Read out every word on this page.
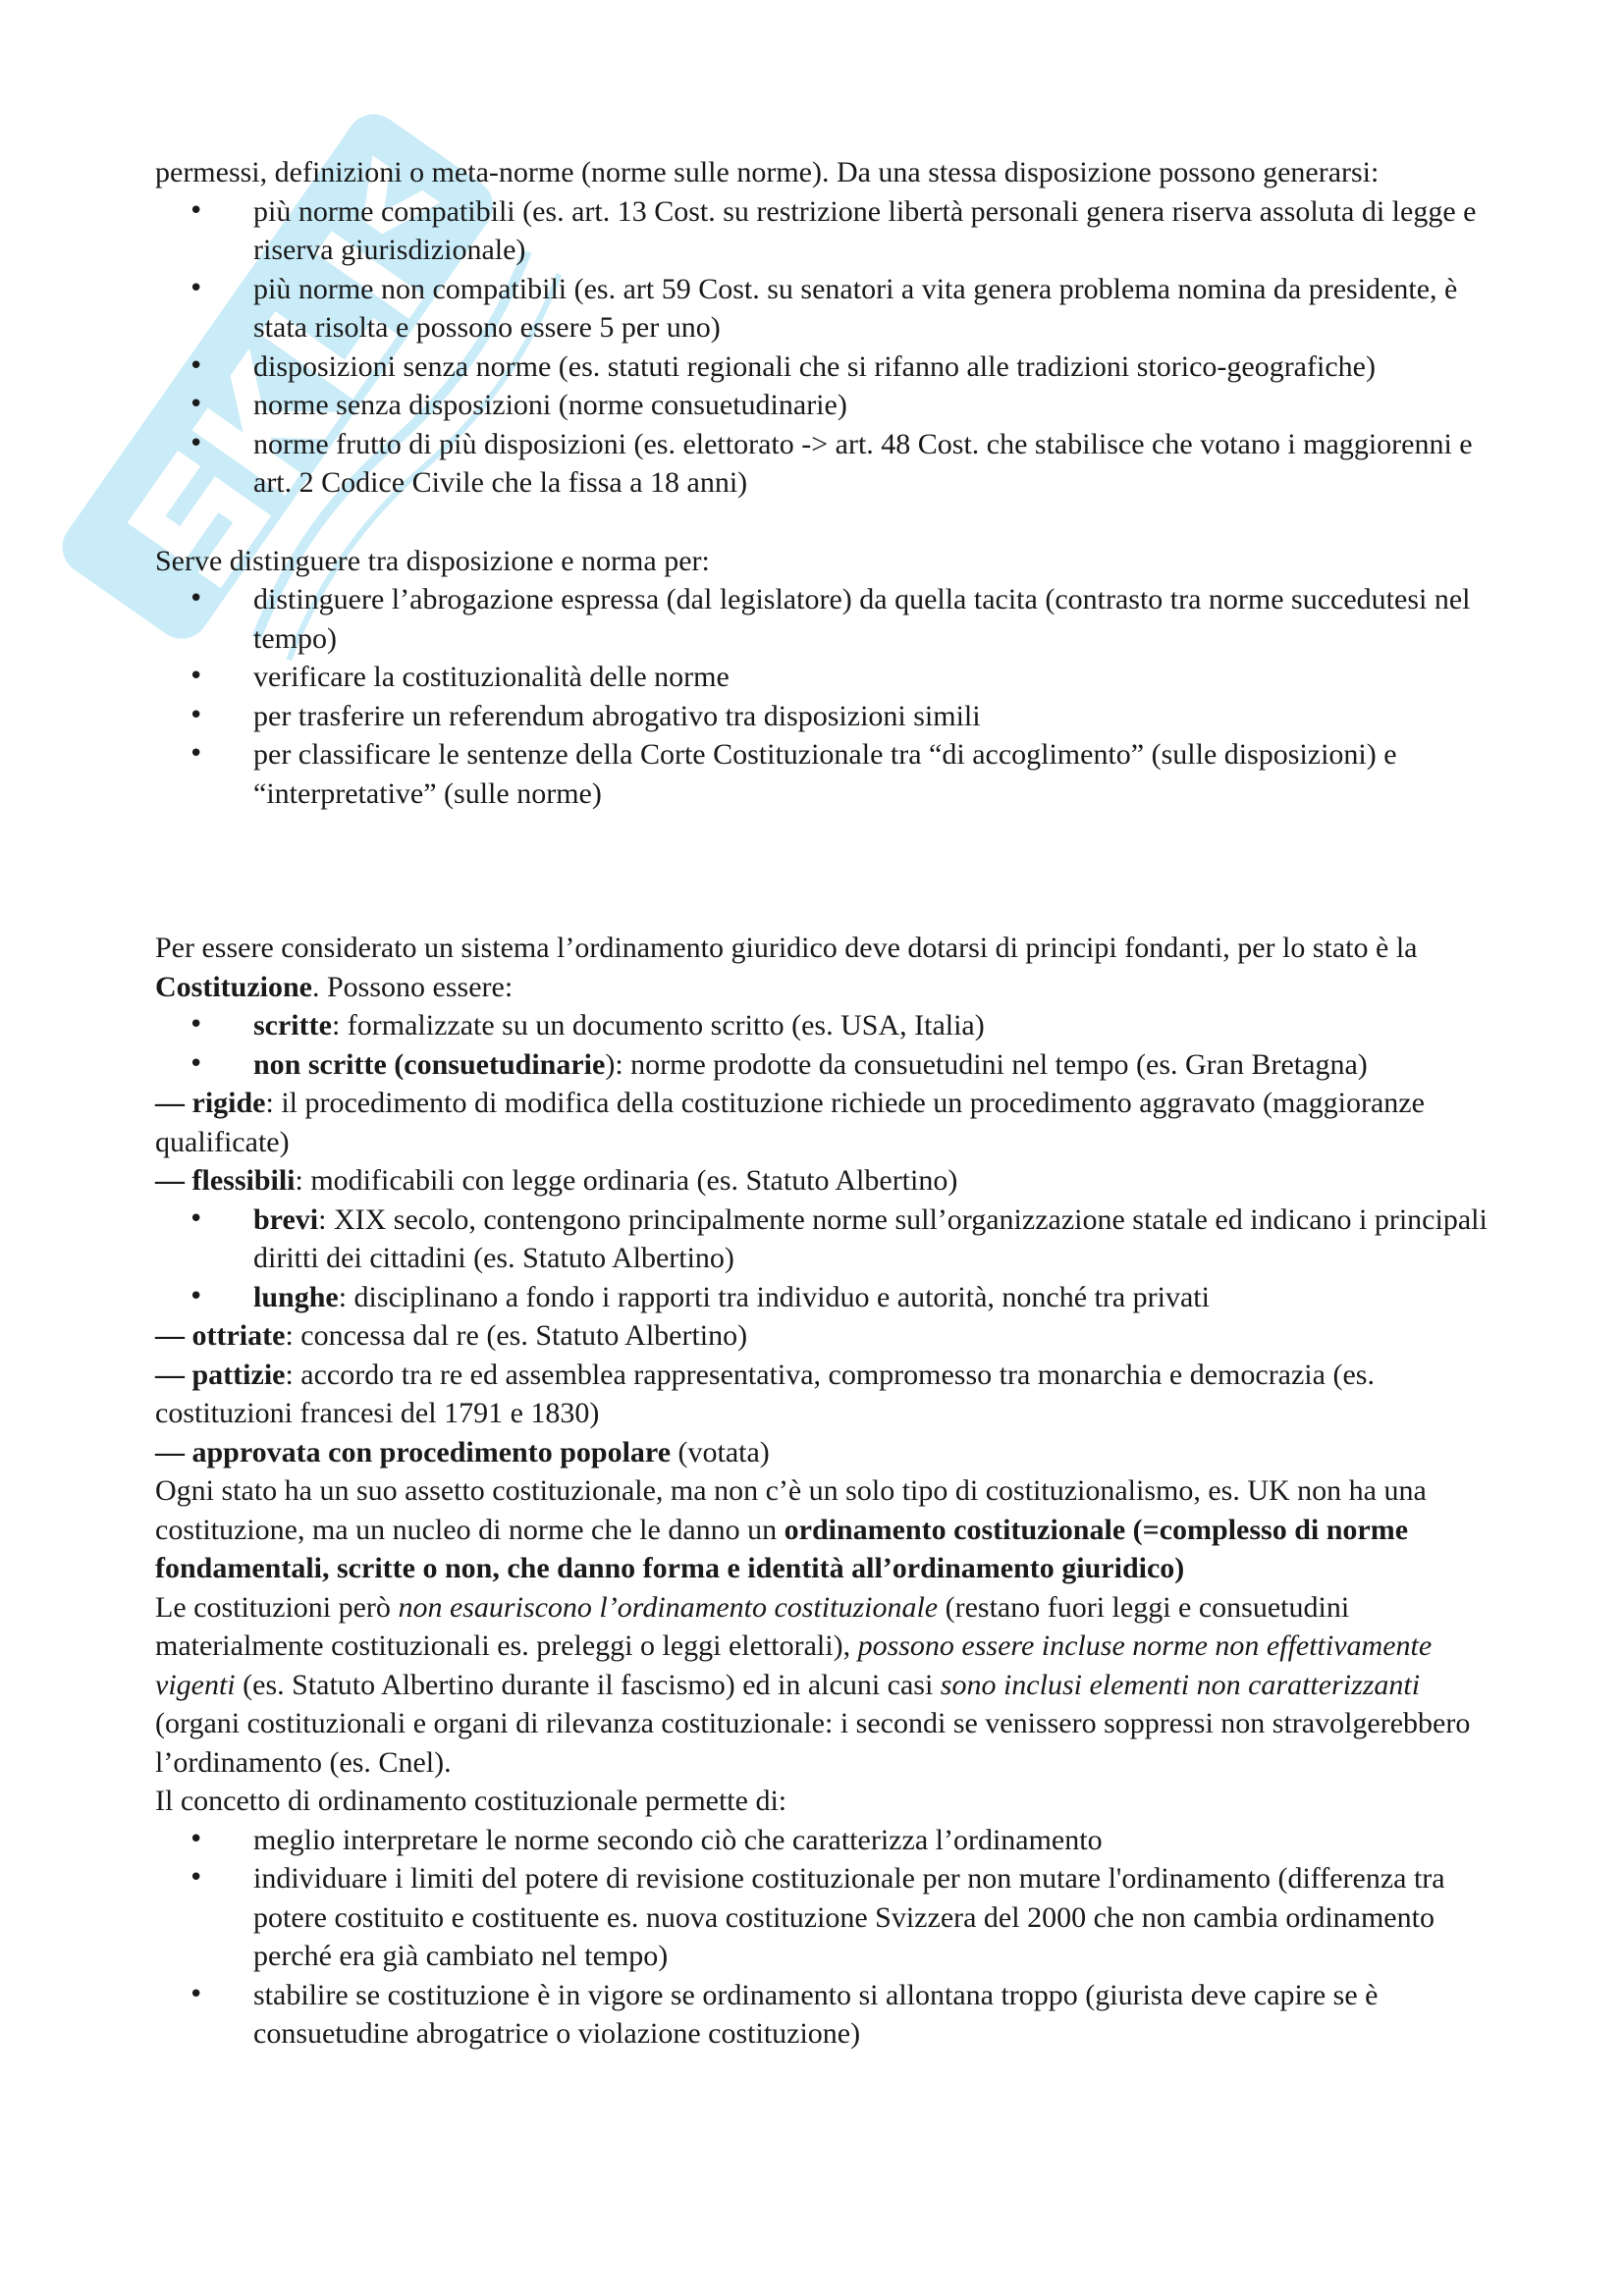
permessi, definizioni o meta-norme (norme sulle norme). Da una stessa disposizione possono generarsi:

• più norme compatibili (es. art. 13 Cost. su restrizione libertà personali genera riserva assoluta di legge e riserva giurisdizionale)
• più norme non compatibili (es. art 59 Cost. su senatori a vita genera problema nomina da presidente, è stata risolta e possono essere 5 per uno)
• disposizioni senza norme (es. statuti regionali che si rifanno alle tradizioni storico-geografiche)
• norme senza disposizioni (norme consuetudinarie)
• norme frutto di più disposizioni (es. elettorato -> art. 48 Cost. che stabilisce che votano i maggiorenni e art. 2 Codice Civile che la fissa a 18 anni)

Serve distinguere tra disposizione e norma per:

• distinguere l’abrogazione espressa (dal legislatore) da quella tacita (contrasto tra norme succedutesi nel tempo)
• verificare la costituzionalità delle norme
• per trasferire un referendum abrogativo tra disposizioni simili
• per classificare le sentenze della Corte Costituzionale tra “di accoglimento” (sulle disposizioni) e “interpretative” (sulle norme)

Per essere considerato un sistema l’ordinamento giuridico deve dotarsi di principi fondanti, per lo stato è la Costituzione. Possono essere:

• scritte: formalizzate su un documento scritto (es. USA, Italia)
• non scritte (consuetudinarie): norme prodotte da consuetudini nel tempo (es. Gran Bretagna)

— rigide: il procedimento di modifica della costituzione richiede un procedimento aggravato (maggioranze qualificate)

— flessibili: modificabili con legge ordinaria (es. Statuto Albertino)

• brevi: XIX secolo, contengono principalmente norme sull’organizzazione statale ed indicano i principali diritti dei cittadini (es. Statuto Albertino)
• lunghe: disciplinano a fondo i rapporti tra individuo e autorità, nonché tra privati

— ottriate: concessa dal re (es. Statuto Albertino)

— pattizie: accordo tra re ed assemblea rappresentativa, compromesso tra monarchia e democrazia (es. costituzioni francesi del 1791 e 1830)

— approvata con procedimento popolare (votata)

Ogni stato ha un suo assetto costituzionale, ma non c’è un solo tipo di costituzionalismo, es. UK non ha una costituzione, ma un nucleo di norme che le danno un ordinamento costituzionale (=complesso di norme fondamentali, scritte o non, che danno forma e identità all’ordinamento giuridico)

Le costituzioni però non esauriscono l’ordinamento costituzionale (restano fuori leggi e consuetudini materialmente costituzionali es. preleggi o leggi elettorali), possono essere incluse norme non effettivamente vigenti (es. Statuto Albertino durante il fascismo) ed in alcuni casi sono inclusi elementi non caratterizzanti (organi costituzionali e organi di rilevanza costituzionale: i secondi se venissero soppressi non stravolgerebbero l’ordinamento (es. Cnel).

Il concetto di ordinamento costituzionale permette di:

• meglio interpretare le norme secondo ciò che caratterizza l’ordinamento
• individuare i limiti del potere di revisione costituzionale per non mutare l'ordinamento (differenza tra potere costituito e costituente es. nuova costituzione Svizzera del 2000 che non cambia ordinamento perché era già cambiato nel tempo)
• stabilire se costituzione è in vigore se ordinamento si allontana troppo (giurista deve capire se è consuetudine abrogatrice o violazione costituzione)
